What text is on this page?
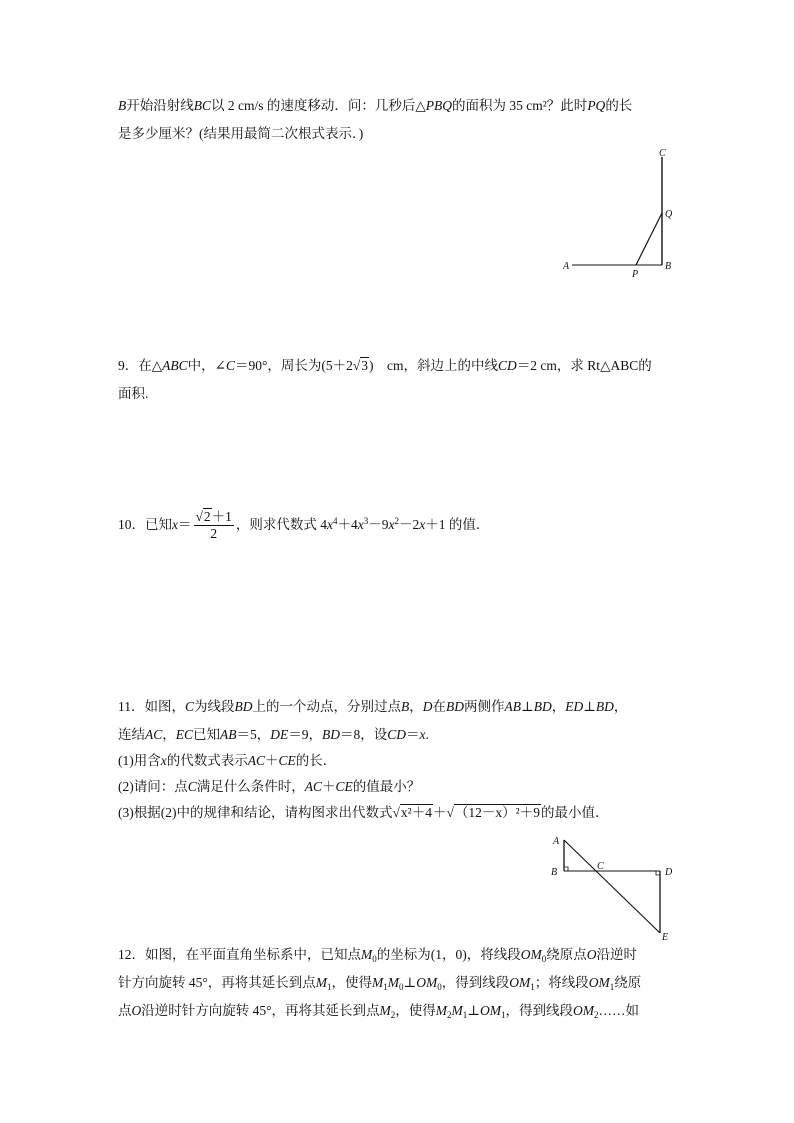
B开始沿射线BC以 2 cm/s 的速度移动．问：几秒后△PBQ的面积为 35 cm²？此时PQ的长
是多少厘米？(结果用最简二次根式表示．)
C
Q
A
P
B
9．在△ABC中，∠C＝90°，周长为(5＋2√3)　cm，斜边上的中线CD＝2 cm，求 Rt△ABC的
面积.
10．已知$x= \frac{√2+1}{2}$ ，则求代数式 $4x^4+4x^3-9x^2-2x+1$ 的值．
11．如图，C为线段BD上的一个动点，分别过点B，D在BD两侧作AB⊥BD，ED⊥BD，
连结AC，EC已知AB＝5，DE＝9，BD＝8，设CD＝x.
(1)用含x的代数式表示AC＋CE的长．
(2)请问：点C满足什么条件时，AC＋CE的值最小？
(3)根据(2)中的规律和结论，请构图求出代数式√x²＋4＋√（12－x）²＋9的最小值．
A
B
C
D
E
12．如图，在平面直角坐标系中，已知点$M_0$的坐标为(1，0)，将线段$OM_0$绕原点O沿逆时
针方向旋转 45°，再将其延长到点$M_1$，使得$M_1M_0\perp OM_0$，得到线段$OM_1$；将线段$OM_1$绕原
点O沿逆时针方向旋转 45°，再将其延长到点$M_2$，使得$M_2M_1\perp OM_1$，得到线段$OM_2\dots\dots$如
